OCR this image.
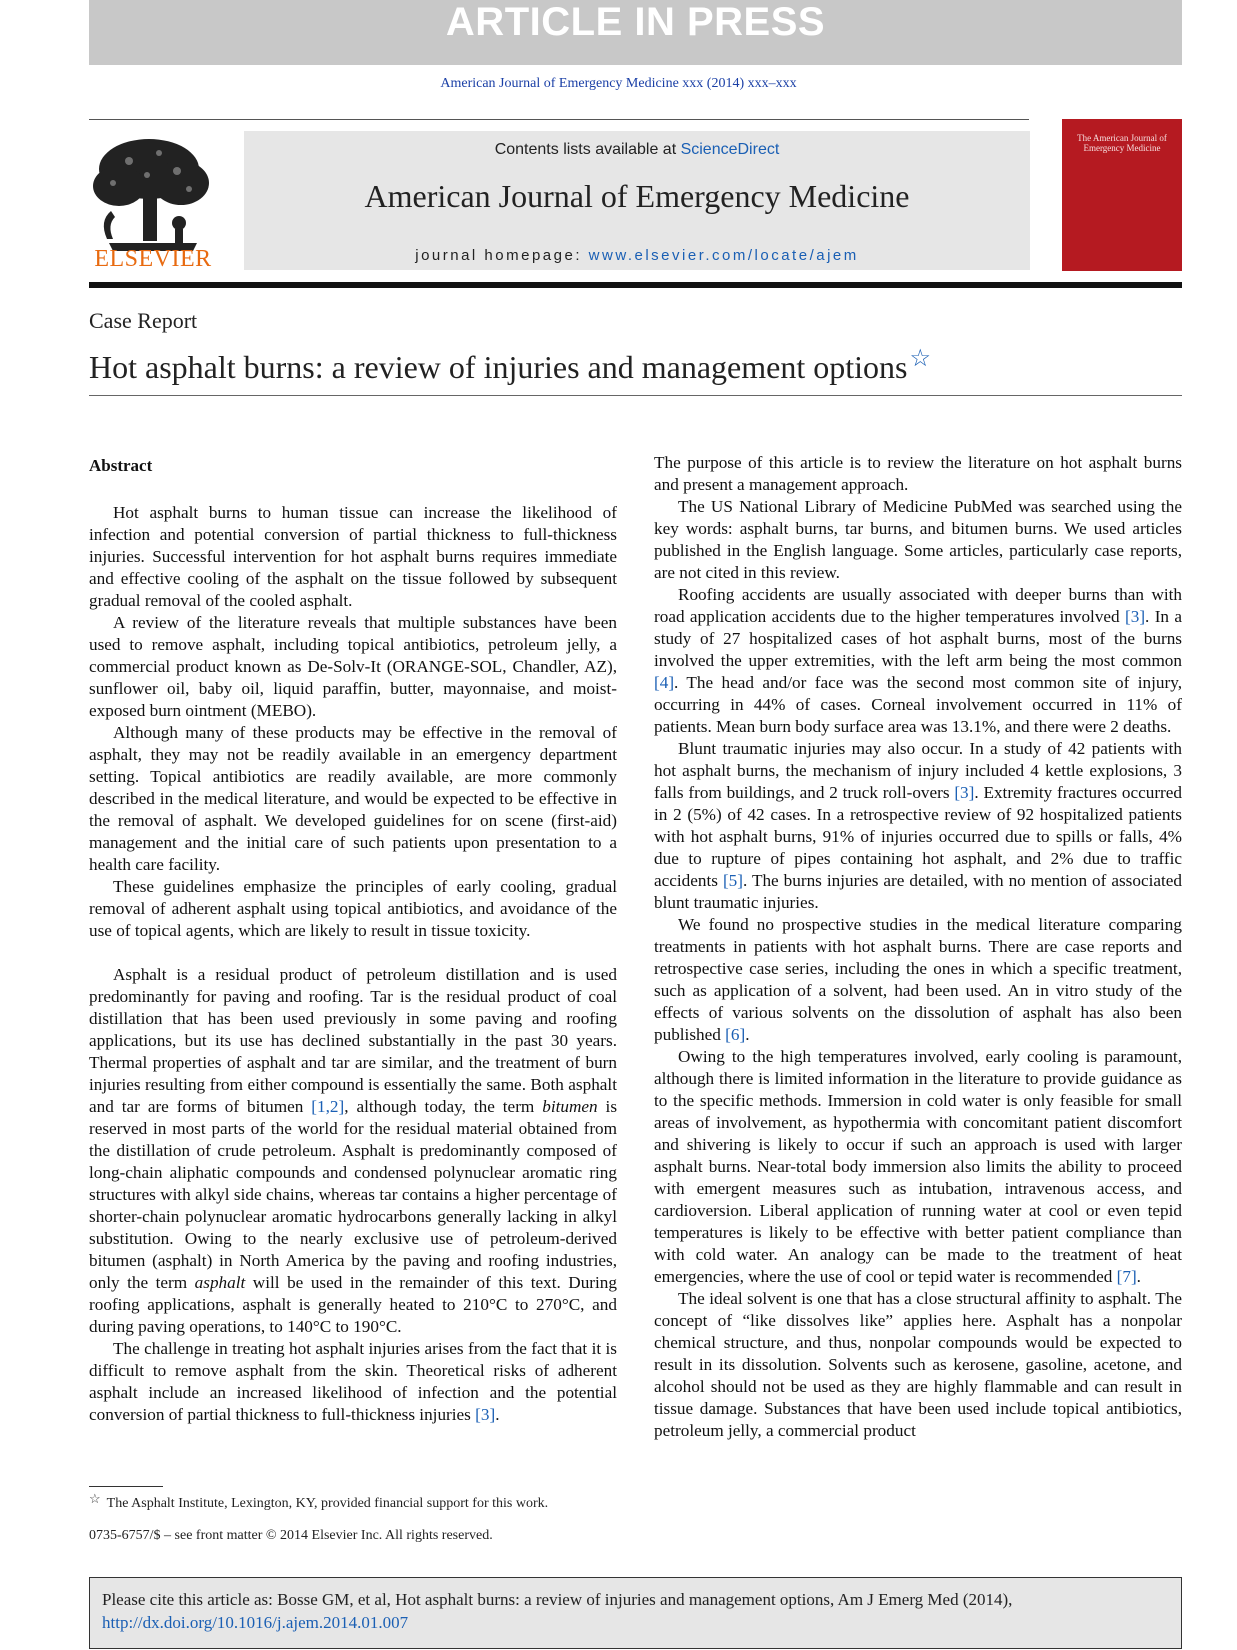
ARTICLE IN PRESS
American Journal of Emergency Medicine xxx (2014) xxx–xxx
ELSEVIER
Contents lists available at ScienceDirect
American Journal of Emergency Medicine
journal homepage: www.elsevier.com/locate/ajem
The American Journal of Emergency Medicine
Case Report
Hot asphalt burns: a review of injuries and management options☆
Abstract

Hot asphalt burns to human tissue can increase the likelihood of infection and potential conversion of partial thickness to full-thickness injuries. Successful intervention for hot asphalt burns requires immediate and effective cooling of the asphalt on the tissue followed by subsequent gradual removal of the cooled asphalt.

A review of the literature reveals that multiple substances have been used to remove asphalt, including topical antibiotics, petroleum jelly, a commercial product known as De-Solv-It (ORANGE-SOL, Chandler, AZ), sunflower oil, baby oil, liquid paraffin, butter, mayonnaise, and moist-exposed burn ointment (MEBO).

Although many of these products may be effective in the removal of asphalt, they may not be readily available in an emergency department setting. Topical antibiotics are readily available, are more commonly described in the medical literature, and would be expected to be effective in the removal of asphalt. We developed guidelines for on scene (first-aid) management and the initial care of such patients upon presentation to a health care facility.

These guidelines emphasize the principles of early cooling, gradual removal of adherent asphalt using topical antibiotics, and avoidance of the use of topical agents, which are likely to result in tissue toxicity.

Asphalt is a residual product of petroleum distillation and is used predominantly for paving and roofing. Tar is the residual product of coal distillation that has been used previously in some paving and roofing applications, but its use has declined substantially in the past 30 years. Thermal properties of asphalt and tar are similar, and the treatment of burn injuries resulting from either compound is essentially the same. Both asphalt and tar are forms of bitumen [1,2], although today, the term bitumen is reserved in most parts of the world for the residual material obtained from the distillation of crude petroleum. Asphalt is predominantly composed of long-chain aliphatic compounds and condensed polynuclear aromatic ring structures with alkyl side chains, whereas tar contains a higher percentage of shorter-chain polynuclear aromatic hydrocarbons generally lacking in alkyl substitution. Owing to the nearly exclusive use of petroleum-derived bitumen (asphalt) in North America by the paving and roofing industries, only the term asphalt will be used in the remainder of this text. During roofing applications, asphalt is generally heated to 210°C to 270°C, and during paving operations, to 140°C to 190°C.

The challenge in treating hot asphalt injuries arises from the fact that it is difficult to remove asphalt from the skin. Theoretical risks of adherent asphalt include an increased likelihood of infection and the potential conversion of partial thickness to full-thickness injuries [3].

The purpose of this article is to review the literature on hot asphalt burns and present a management approach.

The US National Library of Medicine PubMed was searched using the key words: asphalt burns, tar burns, and bitumen burns. We used articles published in the English language. Some articles, particularly case reports, are not cited in this review.

Roofing accidents are usually associated with deeper burns than with road application accidents due to the higher temperatures involved [3]. In a study of 27 hospitalized cases of hot asphalt burns, most of the burns involved the upper extremities, with the left arm being the most common [4]. The head and/or face was the second most common site of injury, occurring in 44% of cases. Corneal involvement occurred in 11% of patients. Mean burn body surface area was 13.1%, and there were 2 deaths.

Blunt traumatic injuries may also occur. In a study of 42 patients with hot asphalt burns, the mechanism of injury included 4 kettle explosions, 3 falls from buildings, and 2 truck roll-overs [3]. Extremity fractures occurred in 2 (5%) of 42 cases. In a retrospective review of 92 hospitalized patients with hot asphalt burns, 91% of injuries occurred due to spills or falls, 4% due to rupture of pipes containing hot asphalt, and 2% due to traffic accidents [5]. The burns injuries are detailed, with no mention of associated blunt traumatic injuries.

We found no prospective studies in the medical literature comparing treatments in patients with hot asphalt burns. There are case reports and retrospective case series, including the ones in which a specific treatment, such as application of a solvent, had been used. An in vitro study of the effects of various solvents on the dissolution of asphalt has also been published [6].

Owing to the high temperatures involved, early cooling is paramount, although there is limited information in the literature to provide guidance as to the specific methods. Immersion in cold water is only feasible for small areas of involvement, as hypothermia with concomitant patient discomfort and shivering is likely to occur if such an approach is used with larger asphalt burns. Near-total body immersion also limits the ability to proceed with emergent measures such as intubation, intravenous access, and cardioversion. Liberal application of running water at cool or even tepid temperatures is likely to be effective with better patient compliance than with cold water. An analogy can be made to the treatment of heat emergencies, where the use of cool or tepid water is recommended [7].

The ideal solvent is one that has a close structural affinity to asphalt. The concept of “like dissolves like” applies here. Asphalt has a nonpolar chemical structure, and thus, nonpolar compounds would be expected to result in its dissolution. Solvents such as kerosene, gasoline, acetone, and alcohol should not be used as they are highly flammable and can result in tissue damage. Substances that have been used include topical antibiotics, petroleum jelly, a commercial product

☆ The Asphalt Institute, Lexington, KY, provided financial support for this work.
0735-6757/$ – see front matter © 2014 Elsevier Inc. All rights reserved.
Please cite this article as: Bosse GM, et al, Hot asphalt burns: a review of injuries and management options, Am J Emerg Med (2014), http://dx.doi.org/10.1016/j.ajem.2014.01.007
